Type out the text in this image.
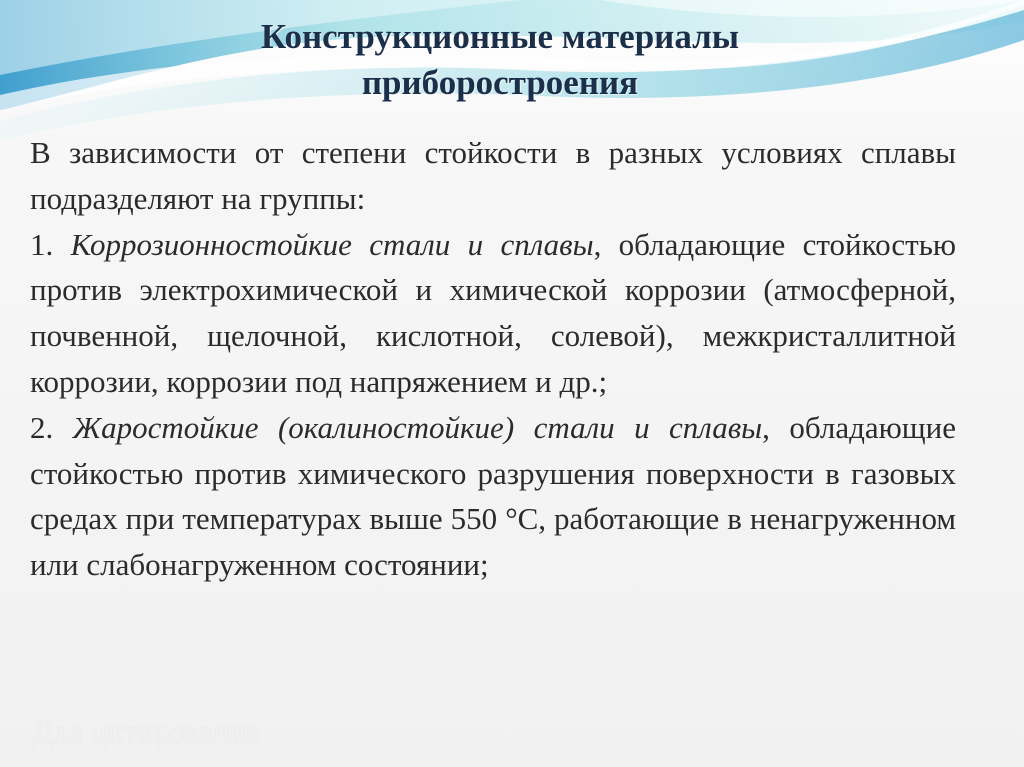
Конструкционные материалы
приборостроения

В зависимости от степени стойкости в разных условиях сплавы подразделяют на группы:

1. Коррозионностойкие стали и сплавы, обладающие стойкостью против электрохимической и химической коррозии (атмосферной, почвенной, щелочной, кислотной, солевой), межкристаллитной коррозии, коррозии под напряжением и др.;

2. Жаростойкие (окалиностойкие) стали и сплавы, обладающие стойкостью против химического разрушения поверхности в газовых средах при температурах выше 550 °С, работающие в ненагруженном или слабонагруженном состоянии;

Для цитирования
